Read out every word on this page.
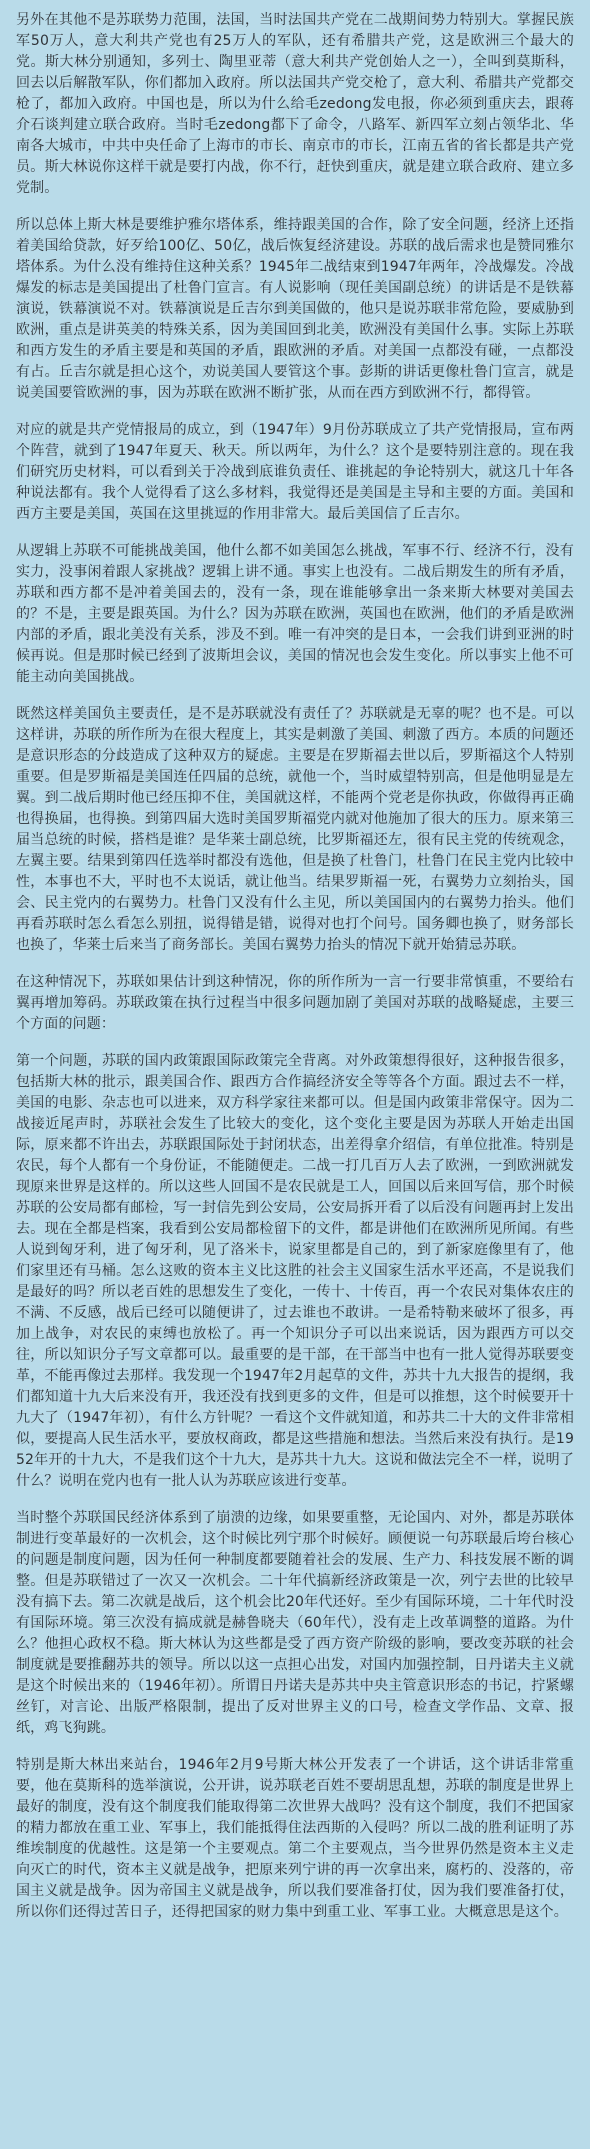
另外在其他不是苏联势力范围，法国，当时法国共产党在二战期间势力特别大。掌握民族军50万人，意大利共产党也有25万人的军队，还有希腊共产党，这是欧洲三个最大的党。斯大林分别通知，多列士、陶里亚蒂（意大利共产党创始人之一），全叫到莫斯科，回去以后解散军队，你们都加入政府。所以法国共产党交枪了，意大利、希腊共产党都交枪了，都加入政府。中国也是，所以为什么给毛zedong发电报，你必须到重庆去，跟蒋介石谈判建立联合政府。当时毛zedong都下了命令，八路军、新四军立刻占领华北、华南各大城市，中共中央任命了上海市的市长、南京市的市长，江南五省的省长都是共产党员。斯大林说你这样干就是要打内战，你不行，赶快到重庆，就是建立联合政府、建立多党制。

所以总体上斯大林是要维护雅尔塔体系，维持跟美国的合作，除了安全问题，经济上还指着美国给贷款，好歹给100亿、50亿，战后恢复经济建设。苏联的战后需求也是赞同雅尔塔体系。为什么没有维持住这种关系？1945年二战结束到1947年两年，冷战爆发。冷战爆发的标志是美国提出了杜鲁门宣言。有人说影响（现任美国副总统）的讲话是不是铁幕演说，铁幕演说不对。铁幕演说是丘吉尔到美国做的，他只是说苏联非常危险，要威胁到欧洲，重点是讲英美的特殊关系，因为美国回到北美，欧洲没有美国什么事。实际上苏联和西方发生的矛盾主要是和英国的矛盾，跟欧洲的矛盾。对美国一点都没有碰，一点都没有占。丘吉尔就是担心这个，劝说美国人要管这个事。彭斯的讲话更像杜鲁门宣言，就是说美国要管欧洲的事，因为苏联在欧洲不断扩张，从而在西方到欧洲不行，都得管。

对应的就是共产党情报局的成立，到（1947年）9月份苏联成立了共产党情报局，宣布两个阵营，就到了1947年夏天、秋天。所以两年，为什么？这个是要特别注意的。现在我们研究历史材料，可以看到关于冷战到底谁负责任、谁挑起的争论特别大，就这几十年各种说法都有。我个人觉得看了这么多材料，我觉得还是美国是主导和主要的方面。美国和西方主要是美国，英国在这里挑逗的作用非常大。最后美国信了丘吉尔。

从逻辑上苏联不可能挑战美国，他什么都不如美国怎么挑战，军事不行、经济不行，没有实力，没事闲着跟人家挑战？逻辑上讲不通。事实上也没有。二战后期发生的所有矛盾，苏联和西方都不是冲着美国去的，没有一条，现在谁能够拿出一条来斯大林要对美国去的？不是，主要是跟英国。为什么？因为苏联在欧洲，英国也在欧洲，他们的矛盾是欧洲内部的矛盾，跟北美没有关系，涉及不到。唯一有冲突的是日本，一会我们讲到亚洲的时候再说。但是那时候已经到了波斯坦会议，美国的情况也会发生变化。所以事实上他不可能主动向美国挑战。

既然这样美国负主要责任，是不是苏联就没有责任了？苏联就是无辜的呢？也不是。可以这样讲，苏联的所作所为在很大程度上，其实是刺激了美国、刺激了西方。本质的问题还是意识形态的分歧造成了这种双方的疑虑。主要是在罗斯福去世以后，罗斯福这个人特别重要。但是罗斯福是美国连任四届的总统，就他一个，当时威望特别高，但是他明显是左翼。到二战后期时他已经压抑不住，美国就这样，不能两个党老是你执政，你做得再正确也得换届，也得换。到第四届大选时美国罗斯福党内就对他施加了很大的压力。原来第三届当总统的时候，搭档是谁？是华莱士副总统，比罗斯福还左，很有民主党的传统观念，左翼主要。结果到第四任选举时都没有选他，但是换了杜鲁门，杜鲁门在民主党内比较中性，本事也不大，平时也不太说话，就让他当。结果罗斯福一死，右翼势力立刻抬头，国会、民主党内的右翼势力。杜鲁门又没有什么主见，所以美国国内的右翼势力抬头。他们再看苏联时怎么看怎么别扭，说得错是错，说得对也打个问号。国务卿也换了，财务部长也换了，华莱士后来当了商务部长。美国右翼势力抬头的情况下就开始猜忌苏联。

在这种情况下，苏联如果估计到这种情况，你的所作所为一言一行要非常慎重，不要给右翼再增加筹码。苏联政策在执行过程当中很多问题加剧了美国对苏联的战略疑虑，主要三个方面的问题：

第一个问题，苏联的国内政策跟国际政策完全背离。对外政策想得很好，这种报告很多，包括斯大林的批示，跟美国合作、跟西方合作搞经济安全等等各个方面。跟过去不一样，美国的电影、杂志也可以进来，双方科学家往来都可以。但是国内政策非常保守。因为二战接近尾声时，苏联社会发生了比较大的变化，这个变化主要是因为苏联人开始走出国际，原来都不许出去，苏联跟国际处于封闭状态，出差得拿介绍信，有单位批准。特别是农民，每个人都有一个身份证，不能随便走。二战一打几百万人去了欧洲，一到欧洲就发现原来世界是这样的。所以这些人回国不是农民就是工人，回国以后来回写信，那个时候苏联的公安局都有邮检，写一封信先到公安局，公安局拆开看了以后没有问题再封上发出去。现在全都是档案，我看到公安局都检留下的文件，都是讲他们在欧洲所见所闻。有些人说到匈牙利，进了匈牙利，见了洛米卡，说家里都是自己的，到了新家庭像里有了，他们家里还有马桶。怎么这败的资本主义比这胜的社会主义国家生活水平还高，不是说我们是最好的吗？所以老百姓的思想发生了变化，一传十、十传百，再一个农民对集体农庄的不满、不反感，战后已经可以随便讲了，过去谁也不敢讲。一是希特勒来破坏了很多，再加上战争，对农民的束缚也放松了。再一个知识分子可以出来说话，因为跟西方可以交往，所以知识分子写文章都可以。最重要的是干部，在干部当中也有一批人觉得苏联要变革，不能再像过去那样。我发现一个1947年2月起草的文件，苏共十九大报告的提纲，我们都知道十九大后来没有开，我还没有找到更多的文件，但是可以推想，这个时候要开十九大了（1947年初），有什么方针呢？一看这个文件就知道，和苏共二十大的文件非常相似，要提高人民生活水平，要放权商政，都是这些措施和想法。当然后来没有执行。是1952年开的十九大，不是我们这个十九大，是苏共十九大。这说和做法完全不一样，说明了什么？说明在党内也有一批人认为苏联应该进行变革。

当时整个苏联国民经济体系到了崩溃的边缘，如果要重整，无论国内、对外，都是苏联体制进行变革最好的一次机会，这个时候比列宁那个时候好。顾便说一句苏联最后垮台核心的问题是制度问题，因为任何一种制度都要随着社会的发展、生产力、科技发展不断的调整。但是苏联错过了一次又一次机会。二十年代搞新经济政策是一次，列宁去世的比较早没有搞下去。第二次就是战后，这个机会比20年代还好。至少有国际环境，二十年代时没有国际环境。第三次没有搞成就是赫鲁晓夫（60年代），没有走上改革调整的道路。为什么？他担心政权不稳。斯大林认为这些都是受了西方资产阶级的影响，要改变苏联的社会制度就是要推翻苏共的领导。所以以这一点担心出发，对国内加强控制，日丹诺夫主义就是这个时候出来的（1946年初）。所谓日丹诺夫是苏共中央主管意识形态的书记，拧紧螺丝钉，对言论、出版严格限制，提出了反对世界主义的口号，检查文学作品、文章、报纸，鸡飞狗跳。

特别是斯大林出来站台，1946年2月9号斯大林公开发表了一个讲话，这个讲话非常重要，他在莫斯科的选举演说，公开讲，说苏联老百姓不要胡思乱想，苏联的制度是世界上最好的制度，没有这个制度我们能取得第二次世界大战吗？没有这个制度，我们不把国家的精力都放在重工业、军事上，我们能抵得住法西斯的入侵吗？所以二战的胜利证明了苏维埃制度的优越性。这是第一个主要观点。第二个主要观点，当今世界仍然是资本主义走向灭亡的时代，资本主义就是战争，把原来列宁讲的再一次拿出来，腐朽的、没落的，帝国主义就是战争。因为帝国主义就是战争，所以我们要准备打仗，因为我们要准备打仗，所以你们还得过苦日子，还得把国家的财力集中到重工业、军事工业。大概意思是这个。
